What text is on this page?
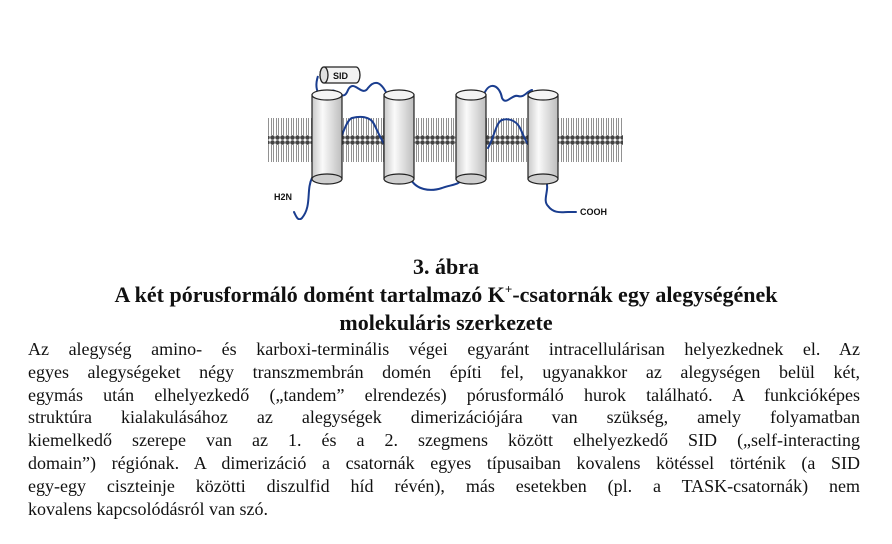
SID
H2N
COOH
3. ábra
A két pórusformáló domént tartalmazó K+-csatornák egy alegységének
molekuláris szerkezete
Az alegység amino- és karboxi-terminális végei egyaránt intracellulárisan helyezkednek el. Az
egyes alegységeket négy transzmembrán domén építi fel, ugyanakkor az alegységen belül két,
egymás után elhelyezkedő („tandem” elrendezés) pórusformáló hurok található. A funkcióképes
struktúra kialakulásához az alegységek dimerizációjára van szükség, amely folyamatban
kiemelkedő szerepe van az 1. és a 2. szegmens között elhelyezkedő SID („self-interacting
domain”) régiónak. A dimerizáció a csatornák egyes típusaiban kovalens kötéssel történik (a SID
egy-egy ciszteinje közötti diszulfid híd révén), más esetekben (pl. a TASK-csatornák) nem
kovalens kapcsolódásról van szó.
